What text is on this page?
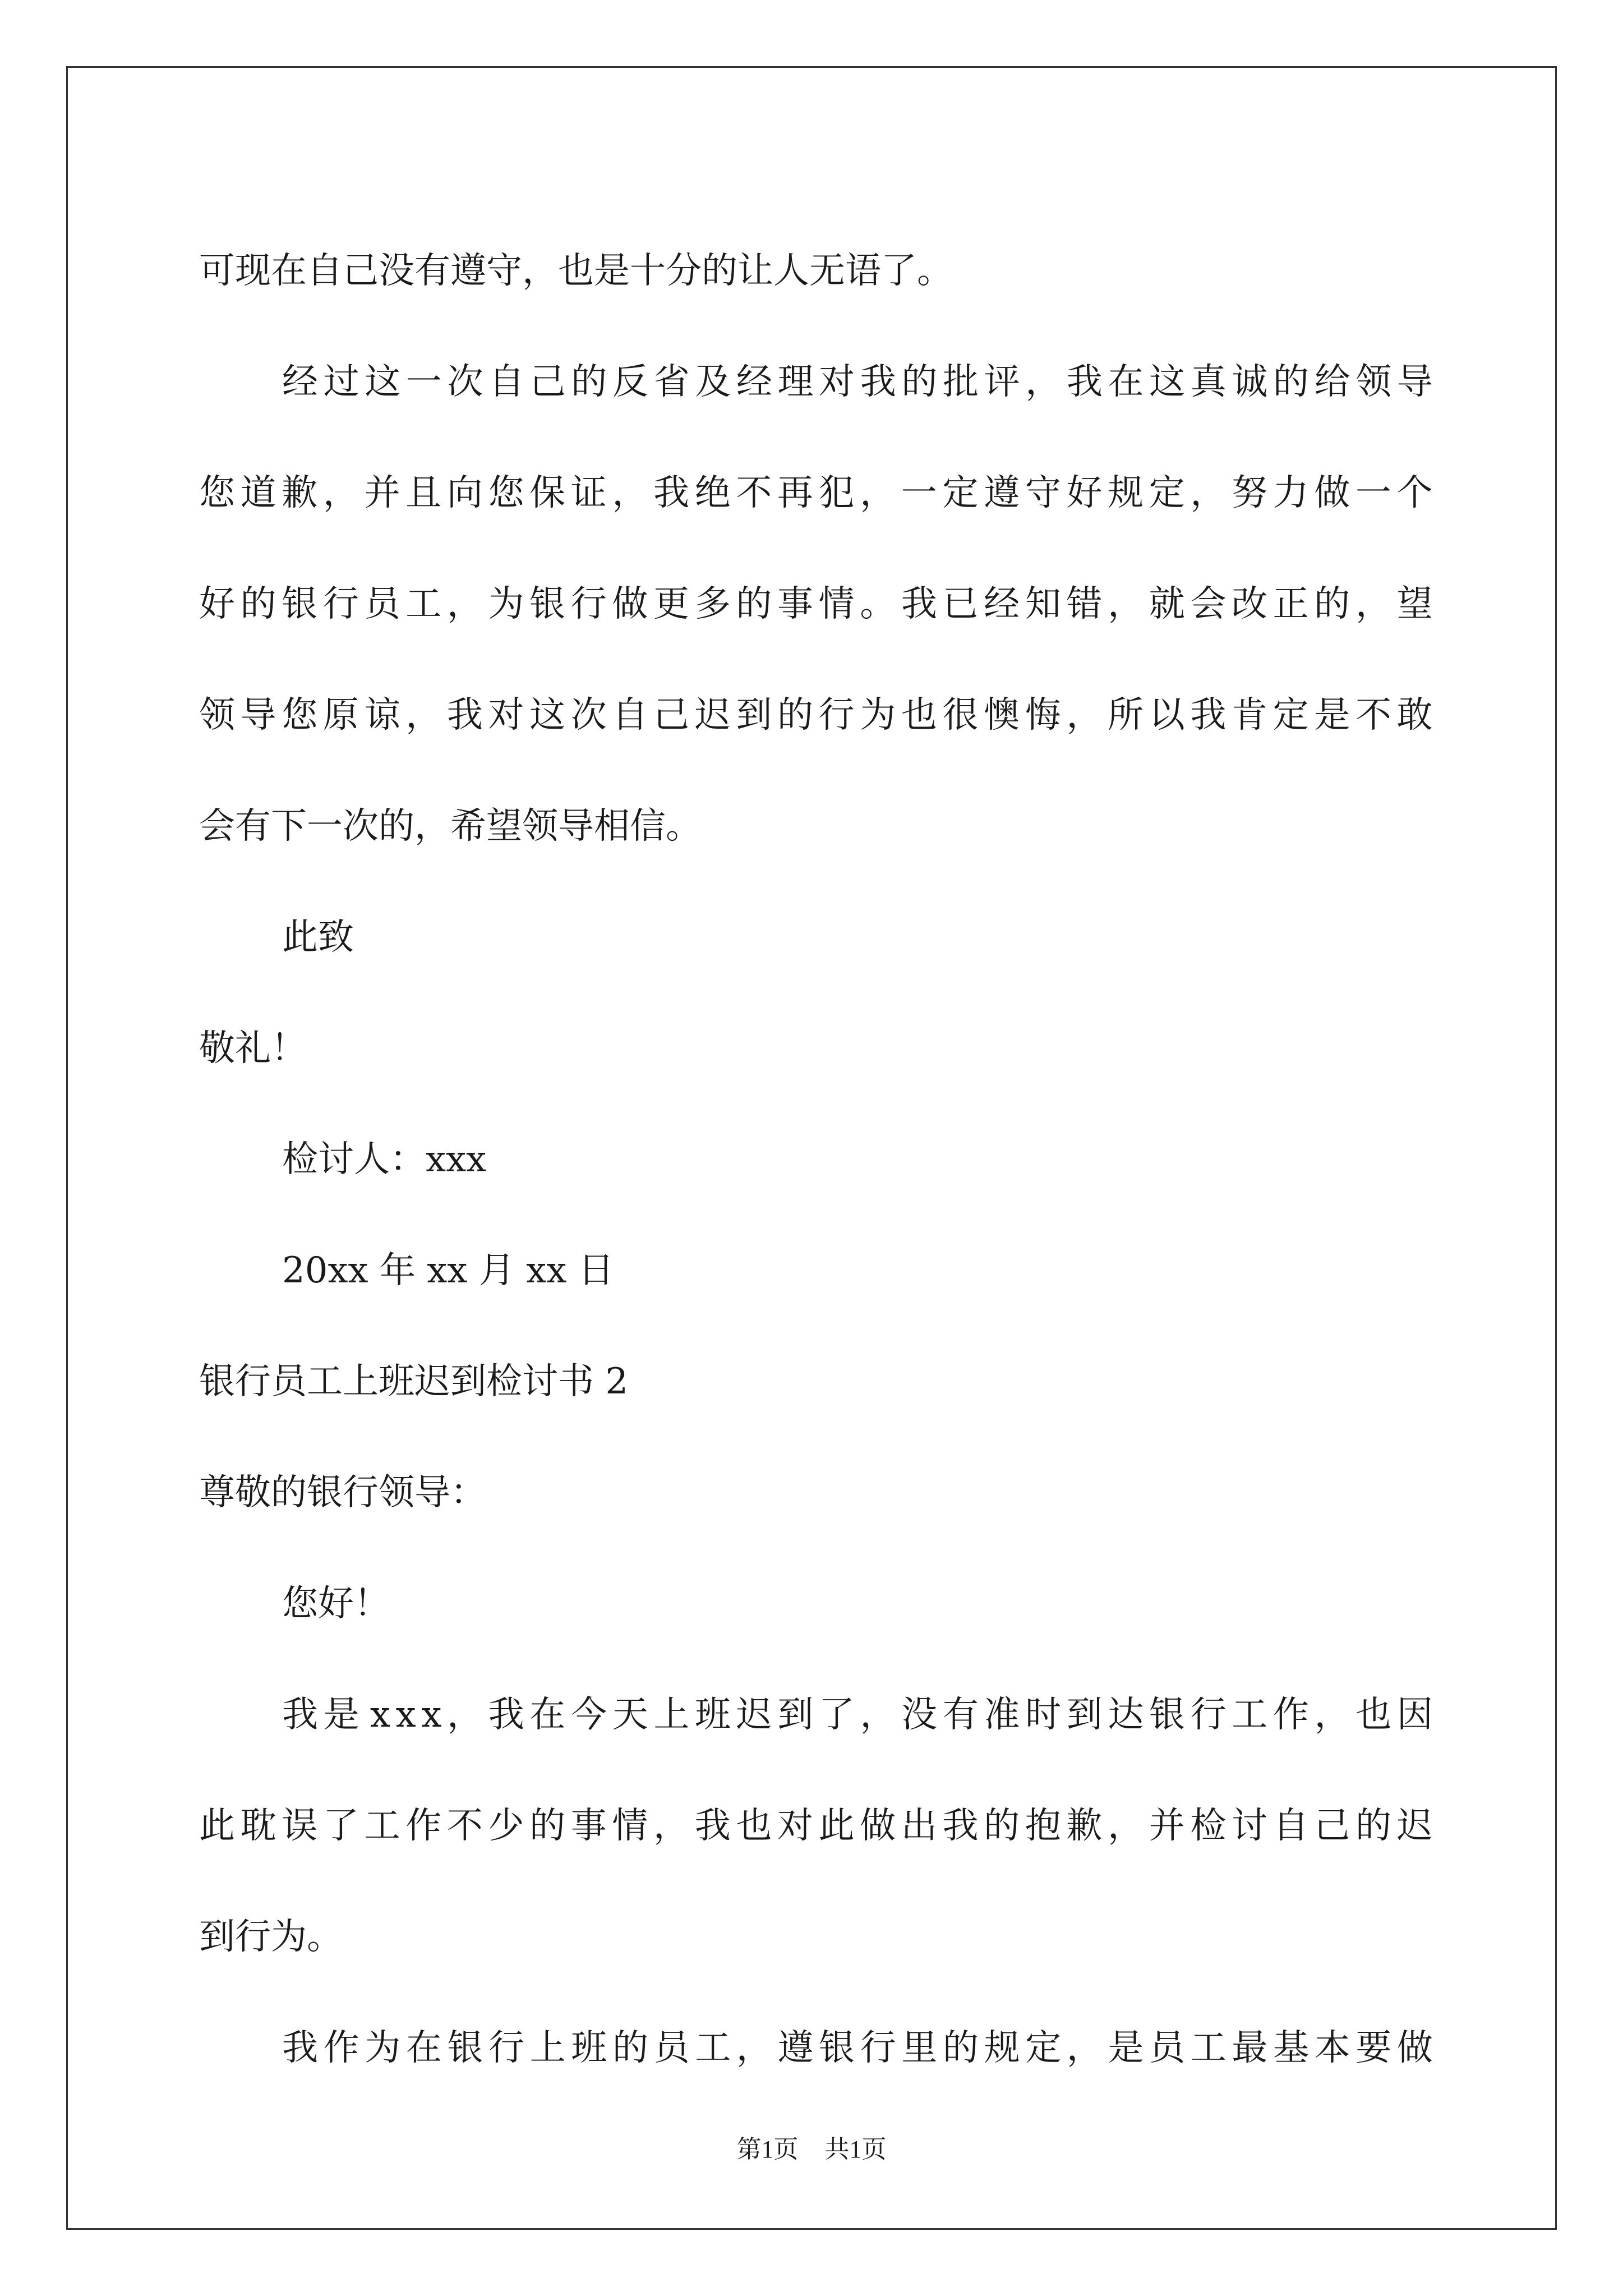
可现在自己没有遵守，也是十分的让人无语了。
经 过 这 一 次 自 己 的 反 省 及 经 理 对 我 的 批 评 ， 我 在 这 真 诚 的 给 领 导
您 道 歉 ， 并 且 向 您 保 证 ， 我 绝 不 再 犯 ， 一 定 遵 守 好 规 定 ， 努 力 做 一 个
好 的 银 行 员 工 ， 为 银 行 做 更 多 的 事 情 。 我 已 经 知 错 ， 就 会 改 正 的 ， 望
领 导 您 原 谅 ， 我 对 这 次 自 己 迟 到 的 行 为 也 很 懊 悔 ， 所 以 我 肯 定 是 不 敢
会有下一次的，希望领导相信。
此致
敬礼！
检讨人：xxx
20xx 年 xx 月 xx 日
银行员工上班迟到检讨书 2
尊敬的银行领导：
您好！
我 是 x x x ， 我 在 今 天 上 班 迟 到 了 ， 没 有 准 时 到 达 银 行 工 作 ， 也 因
此 耽 误 了 工 作 不 少 的 事 情 ， 我 也 对 此 做 出 我 的 抱 歉 ， 并 检 讨 自 己 的 迟
到行为。
我 作 为 在 银 行 上 班 的 员 工 ， 遵 银 行 里 的 规 定 ， 是 员 工 最 基 本 要 做
第1页 共1页
